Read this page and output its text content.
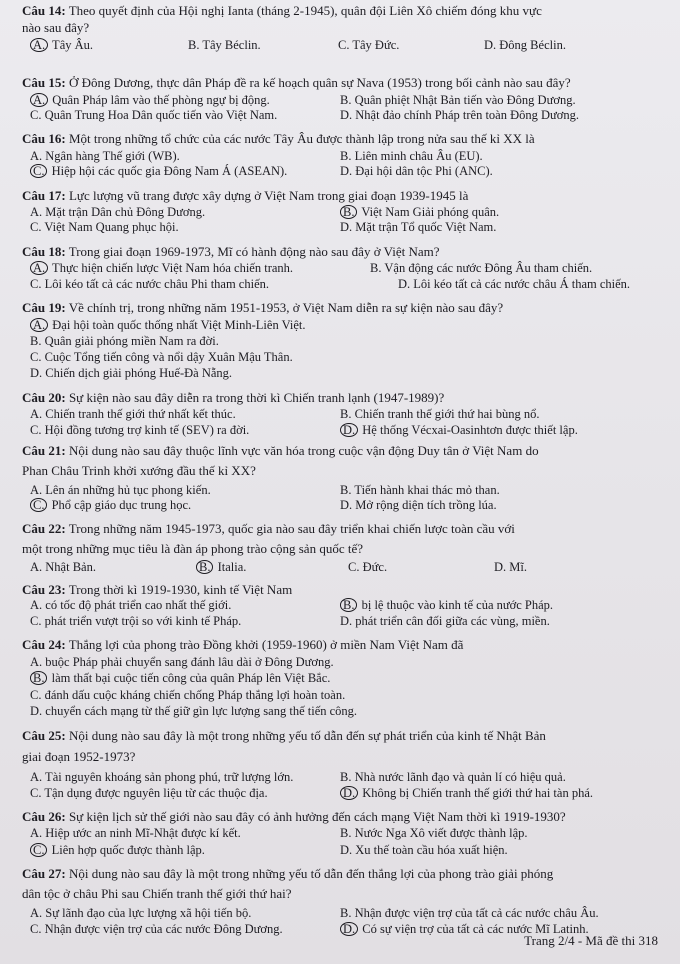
Trang 2/4 - Mã đề thi 318
Câu 14: Theo quyết định của Hội nghị Ianta (tháng 2-1945), quân đội Liên Xô chiếm đóng khu vực
nào sau đây?
A. Tây Âu.	B. Tây Béclin.	C. Tây Đức.	D. Đông Béclin.
Câu 15: Ở Đông Dương, thực dân Pháp đề ra kế hoạch quân sự Nava (1953) trong bối cảnh nào sau đây?
A. Quân Pháp lâm vào thế phòng ngự bị động.	B. Quân phiệt Nhật Bản tiến vào Đông Dương.
C. Quân Trung Hoa Dân quốc tiến vào Việt Nam.	D. Nhật đảo chính Pháp trên toàn Đông Dương.
Câu 16: Một trong những tổ chức của các nước Tây Âu được thành lập trong nửa sau thế kỉ XX là
A. Ngân hàng Thế giới (WB).	B. Liên minh châu Âu (EU).
C. Hiệp hội các quốc gia Đông Nam Á (ASEAN).	D. Đại hội dân tộc Phi (ANC).
Câu 17: Lực lượng vũ trang được xây dựng ở Việt Nam trong giai đoạn 1939-1945 là
A. Mặt trận Dân chủ Đông Dương.	B. Việt Nam Giải phóng quân.
C. Việt Nam Quang phục hội.	D. Mặt trận Tổ quốc Việt Nam.
Câu 18: Trong giai đoạn 1969-1973, Mĩ có hành động nào sau đây ở Việt Nam?
A. Thực hiện chiến lược Việt Nam hóa chiến tranh.	B. Vận động các nước Đông Âu tham chiến.
C. Lôi kéo tất cả các nước châu Phi tham chiến.	D. Lôi kéo tất cả các nước châu Á tham chiến.
Câu 19: Về chính trị, trong những năm 1951-1953, ở Việt Nam diễn ra sự kiện nào sau đây?
A. Đại hội toàn quốc thống nhất Việt Minh-Liên Việt.
B. Quân giải phóng miền Nam ra đời.
C. Cuộc Tổng tiến công và nổi dậy Xuân Mậu Thân.
D. Chiến dịch giải phóng Huế-Đà Nẵng.
Câu 20: Sự kiện nào sau đây diễn ra trong thời kì Chiến tranh lạnh (1947-1989)?
A. Chiến tranh thế giới thứ nhất kết thúc.	B. Chiến tranh thế giới thứ hai bùng nổ.
C. Hội đồng tương trợ kinh tế (SEV) ra đời.	D. Hệ thống Vécxai-Oasinhtơn được thiết lập.
Câu 21: Nội dung nào sau đây thuộc lĩnh vực văn hóa trong cuộc vận động Duy tân ở Việt Nam do
Phan Châu Trinh khởi xướng đầu thế kỉ XX?
A. Lên án những hủ tục phong kiến.	B. Tiến hành khai thác mỏ than.
C. Phổ cập giáo dục trung học.	D. Mở rộng diện tích trồng lúa.
Câu 22: Trong những năm 1945-1973, quốc gia nào sau đây triển khai chiến lược toàn cầu với
một trong những mục tiêu là đàn áp phong trào cộng sản quốc tế?
A. Nhật Bản.	B. Italia.	C. Đức.	D. Mĩ.
Câu 23: Trong thời kì 1919-1930, kinh tế Việt Nam
A. có tốc độ phát triển cao nhất thế giới.	B. bị lệ thuộc vào kinh tế của nước Pháp.
C. phát triển vượt trội so với kinh tế Pháp.	D. phát triển cân đối giữa các vùng, miền.
Câu 24: Thắng lợi của phong trào Đồng khởi (1959-1960) ở miền Nam Việt Nam đã
A. buộc Pháp phải chuyển sang đánh lâu dài ở Đông Dương.
B. làm thất bại cuộc tiến công của quân Pháp lên Việt Bắc.
C. đánh dấu cuộc kháng chiến chống Pháp thắng lợi hoàn toàn.
D. chuyển cách mạng từ thế giữ gìn lực lượng sang thế tiến công.
Câu 25: Nội dung nào sau đây là một trong những yếu tố dẫn đến sự phát triển của kinh tế Nhật Bản
giai đoạn 1952-1973?
A. Tài nguyên khoáng sản phong phú, trữ lượng lớn.	B. Nhà nước lãnh đạo và quản lí có hiệu quả.
C. Tận dụng được nguyên liệu từ các thuộc địa.	D. Không bị Chiến tranh thế giới thứ hai tàn phá.
Câu 26: Sự kiện lịch sử thế giới nào sau đây có ảnh hưởng đến cách mạng Việt Nam thời kì 1919-1930?
A. Hiệp ước an ninh Mĩ-Nhật được kí kết.	B. Nước Nga Xô viết được thành lập.
C. Liên hợp quốc được thành lập.	D. Xu thế toàn cầu hóa xuất hiện.
Câu 27: Nội dung nào sau đây là một trong những yếu tố dẫn đến thắng lợi của phong trào giải phóng
dân tộc ở châu Phi sau Chiến tranh thế giới thứ hai?
A. Sự lãnh đạo của lực lượng xã hội tiến bộ.	B. Nhận được viện trợ của tất cả các nước châu Âu.
C. Nhận được viện trợ của các nước Đông Dương.	D. Có sự viện trợ của tất cả các nước Mĩ Latinh.
